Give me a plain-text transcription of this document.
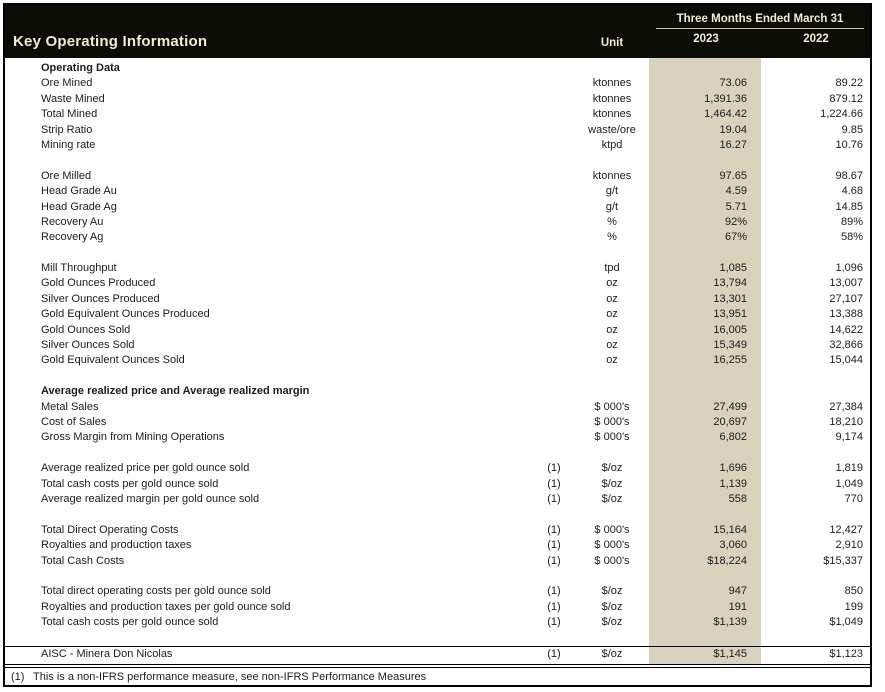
Key Operating Information	Unit
Three Months Ended March 31
2023	2022
Operating Data
Ore Mined	ktonnes	73.06	89.22
Waste Mined	ktonnes	1,391.36	879.12
Total Mined	ktonnes	1,464.42	1,224.66
Strip Ratio	waste/ore	19.04	9.85
Mining rate	ktpd	16.27	10.76
Ore Milled	ktonnes	97.65	98.67
Head Grade Au	g/t	4.59	4.68
Head Grade Ag	g/t	5.71	14.85
Recovery Au	%	92%	89%
Recovery Ag	%	67%	58%
Mill Throughput	tpd	1,085	1,096
Gold Ounces Produced	oz	13,794	13,007
Silver Ounces Produced	oz	13,301	27,107
Gold Equivalent Ounces Produced	oz	13,951	13,388
Gold Ounces Sold	oz	16,005	14,622
Silver Ounces Sold	oz	15,349	32,866
Gold Equivalent Ounces Sold	oz	16,255	15,044
Average realized price and Average realized margin
Metal Sales	$ 000's	27,499	27,384
Cost of Sales	$ 000's	20,697	18,210
Gross Margin from Mining Operations	$ 000's	6,802	9,174
Average realized price per gold ounce sold	(1)	$/oz	1,696	1,819
Total cash costs per gold ounce sold	(1)	$/oz	1,139	1,049
Average realized margin per gold ounce sold	(1)	$/oz	558	770
Total Direct Operating Costs	(1)	$ 000's	15,164	12,427
Royalties and production taxes	(1)	$ 000's	3,060	2,910
Total Cash Costs	(1)	$ 000's	$18,224	$15,337
Total direct operating costs per gold ounce sold	(1)	$/oz	947	850
Royalties and production taxes per gold ounce sold	(1)	$/oz	191	199
Total cash costs per gold ounce sold	(1)	$/oz	$1,139	$1,049
AISC - Minera Don Nicolas	(1)	$/oz	$1,145	$1,123
(1) This is a non-IFRS performance measure, see non-IFRS Performance Measures
